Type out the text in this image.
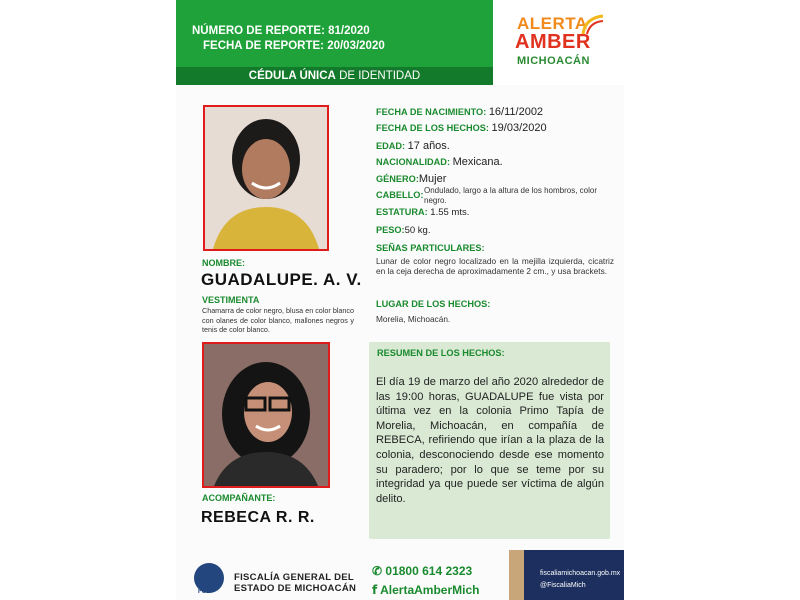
NÚMERO DE REPORTE: 81/2020
FECHA DE REPORTE: 20/03/2020
CÉDULA ÚNICA DE IDENTIDAD
ALERTA
AMBER
MICHOACÁN
NOMBRE:
GUADALUPE. A. V.
VESTIMENTA
Chamarra de color negro, blusa en color blanco con olanes de color blanco, mallones negros y tenis de color blanco.
ACOMPAÑANTE:
REBECA R. R.
FECHA DE NACIMIENTO: 16/11/2002
FECHA DE LOS HECHOS: 19/03/2020
EDAD: 17 años.
NACIONALIDAD: Mexicana.
GÉNERO:Mujer
CABELLO: Ondulado, largo a la altura de los hombros, color negro.
ESTATURA: 1.55 mts.
PESO:50 kg.
SEÑAS PARTICULARES:
Lunar de color negro localizado en la mejilla izquierda, cicatriz en la ceja derecha de aproximadamente 2 cm., y usa brackets.
LUGAR DE LOS HECHOS:
Morelia, Michoacán.
RESUMEN DE LOS HECHOS:
El día 19 de marzo del año 2020 alrededor de las 19:00 horas, GUADALUPE fue vista por última vez en la colonia Primo Tapía de Morelia, Michoacán, en compañía de REBECA, refiriendo que irían a la plaza de la colonia, desconociendo desde ese momento su paradero; por lo que se teme por su integridad ya que puede ser víctima de algún delito.
FGE
FISCALÍA GENERAL DEL
ESTADO DE MICHOACÁN
✆ 01800 614 2323
f AlertaAmberMich
fiscaliamichoacan.gob.mx
@FiscaliaMich
